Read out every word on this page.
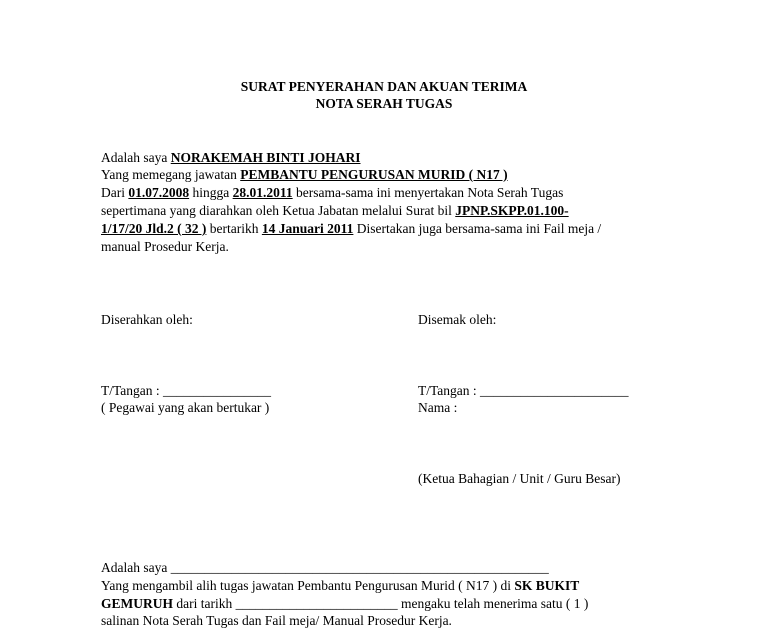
SURAT PENYERAHAN DAN AKUAN TERIMA
NOTA SERAH TUGAS
Adalah saya NORAKEMAH BINTI JOHARI
Yang memegang jawatan PEMBANTU PENGURUSAN MURID ( N17 )
Dari 01.07.2008 hingga 28.01.2011 bersama-sama ini menyertakan Nota Serah Tugas
sepertimana yang diarahkan oleh Ketua Jabatan melalui Surat bil JPNP.SKPP.01.100-
1/17/20 Jld.2 ( 32 ) bertarikh 14 Januari 2011 Disertakan juga bersama-sama ini Fail meja /
manual Prosedur Kerja.
Diserahkan oleh:	Disemak oleh:
T/Tangan : ________________	T/Tangan : ______________________
( Pegawai yang akan bertukar )	Nama :
(Ketua Bahagian / Unit / Guru Besar)
Adalah saya ________________________________________________________
Yang mengambil alih tugas jawatan Pembantu Pengurusan Murid ( N17 ) di SK BUKIT
GEMURUH dari tarikh ________________________ mengaku telah menerima satu ( 1 )
salinan Nota Serah Tugas dan Fail meja/ Manual Prosedur Kerja.
